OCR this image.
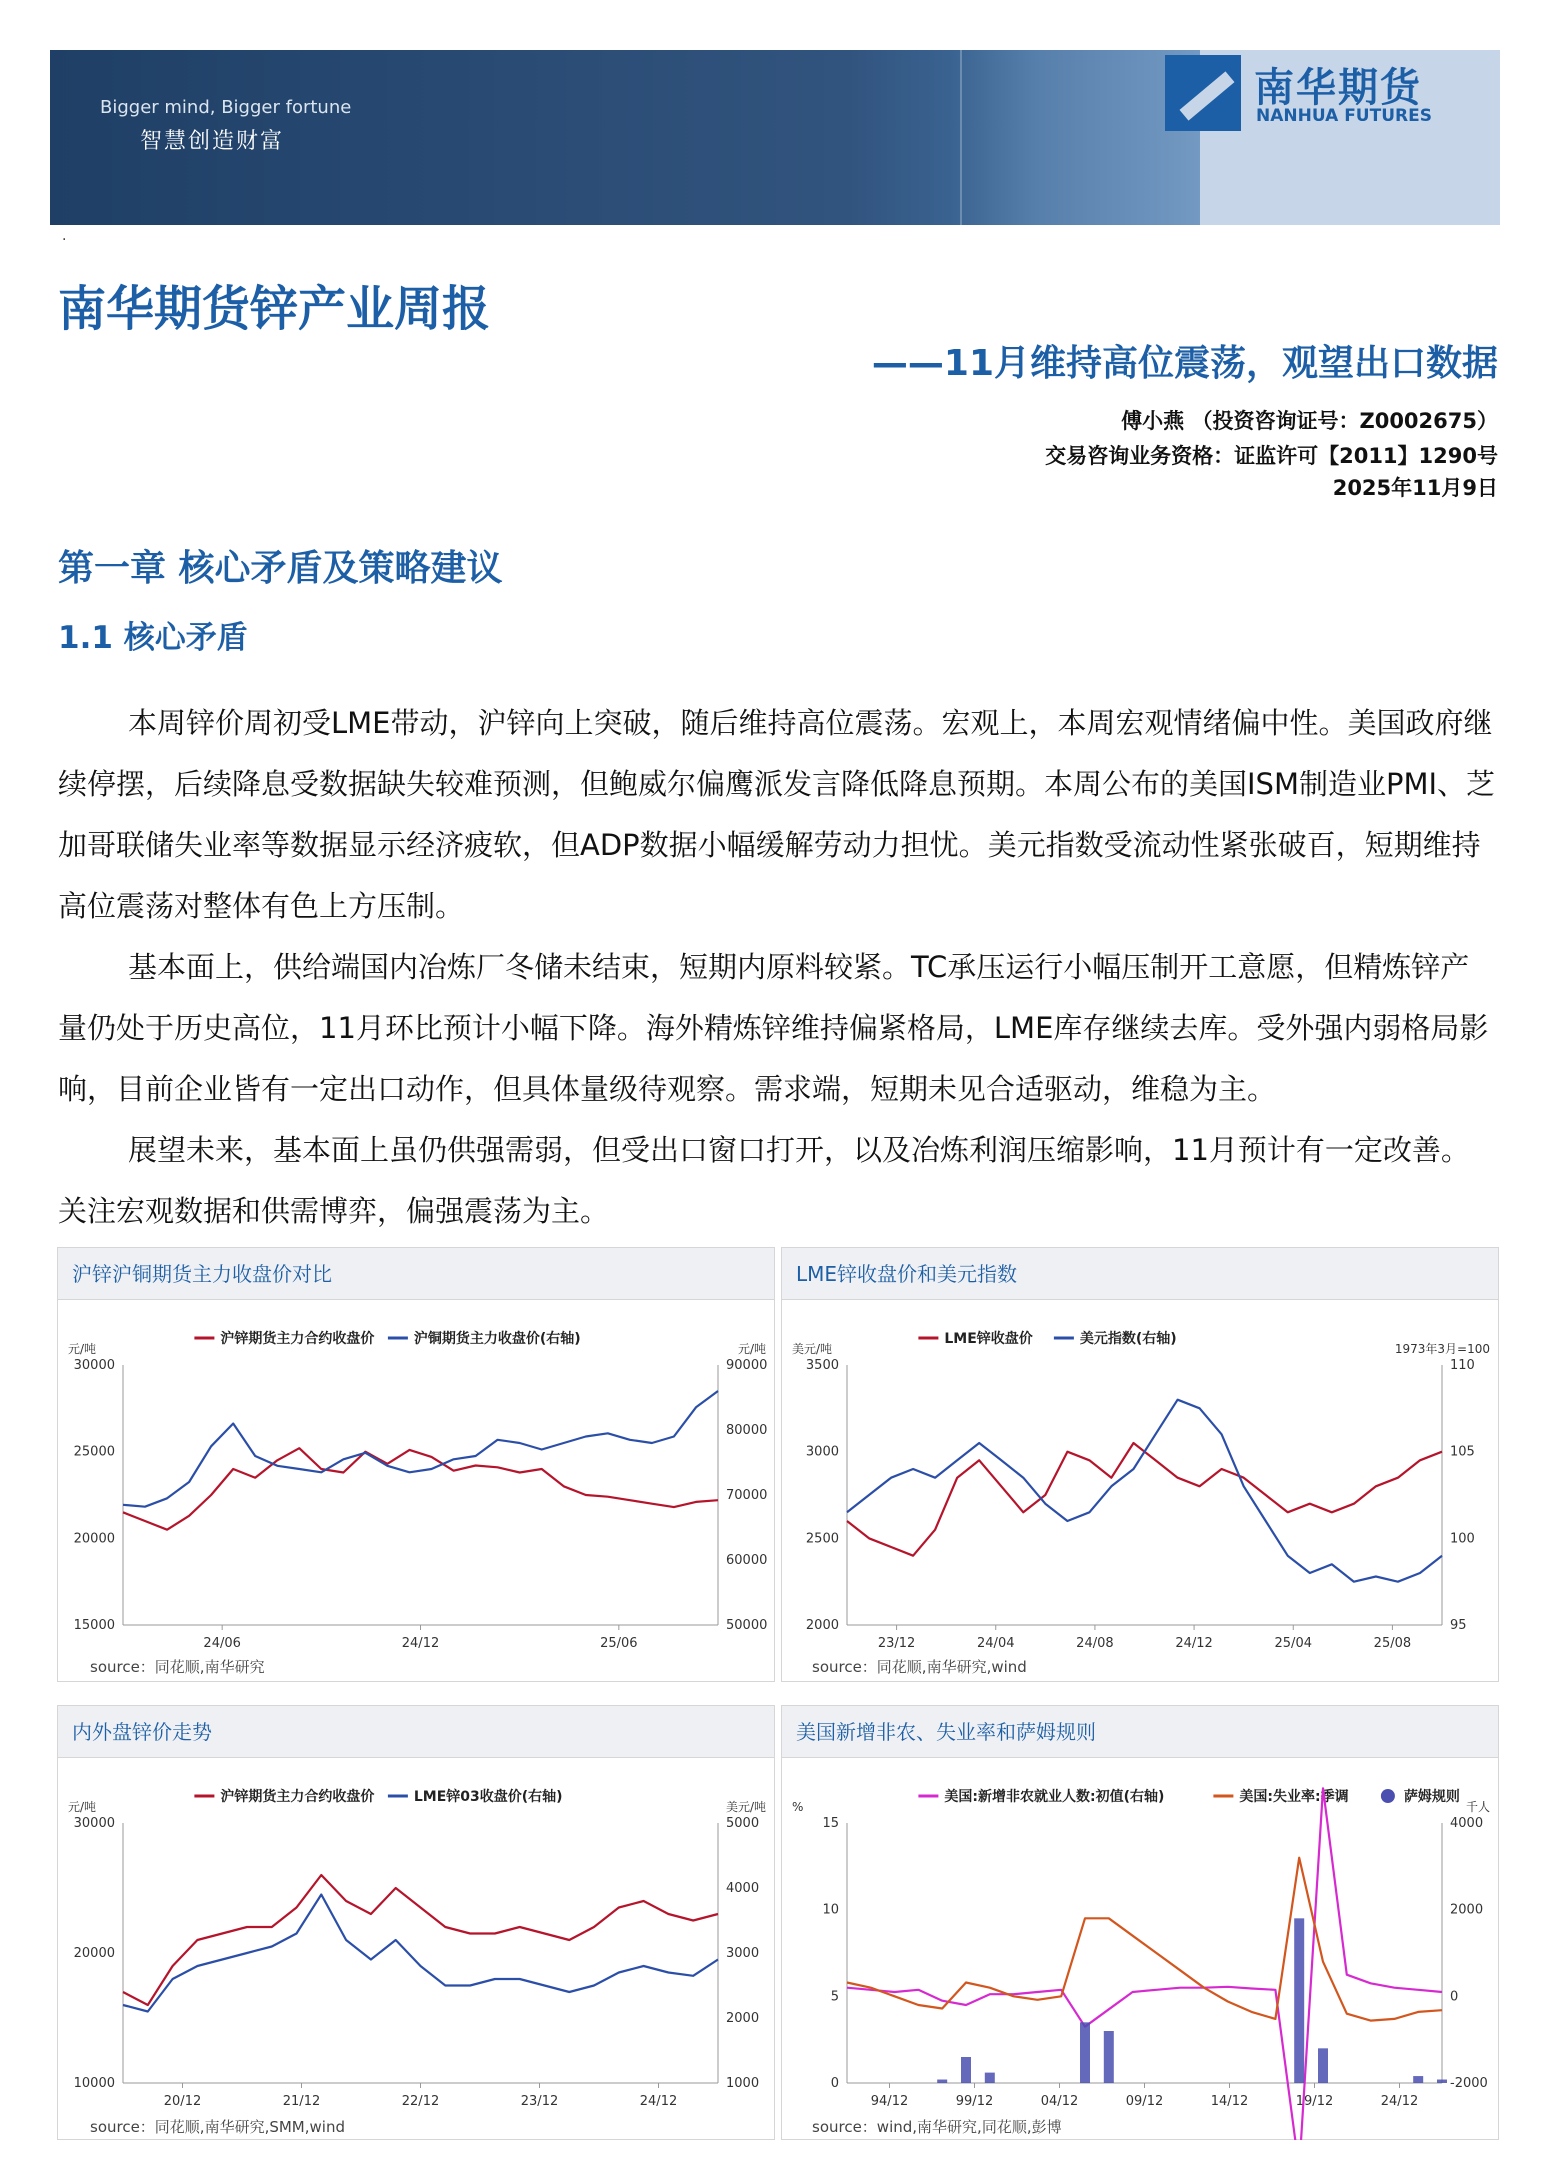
Bigger mind, Bigger fortune
智慧创造财富
南华期货
NANHUA FUTURES
.
南华期货锌产业周报
——11月维持高位震荡，观望出口数据
傅小燕 （投资咨询证号：Z0002675）
交易咨询业务资格：证监许可【2011】1290号
2025年11月9日
第一章 核心矛盾及策略建议
1.1 核心矛盾

本周锌价周初受LME带动，沪锌向上突破，随后维持高位震荡。宏观上，本周宏观情绪偏中性。美国政府继续停摆，后续降息受数据缺失较难预测，但鲍威尔偏鹰派发言降低降息预期。本周公布的美国ISM制造业PMI、芝加哥联储失业率等数据显示经济疲软，但ADP数据小幅缓解劳动力担忧。美元指数受流动性紧张破百，短期维持高位震荡对整体有色上方压制。

基本面上，供给端国内冶炼厂冬储未结束，短期内原料较紧。TC承压运行小幅压制开工意愿，但精炼锌产量仍处于历史高位，11月环比预计小幅下降。海外精炼锌维持偏紧格局，LME库存继续去库。受外强内弱格局影响，目前企业皆有一定出口动作，但具体量级待观察。需求端，短期未见合适驱动，维稳为主。

展望未来，基本面上虽仍供强需弱，但受出口窗口打开，以及冶炼利润压缩影响，11月预计有一定改善。关注宏观数据和供需博弈，偏强震荡为主。

沪锌沪铜期货主力收盘价对比
元/吨	元/吨
30000
25000
20000
15000
90000
80000
70000
60000
50000
24/06	24/12	25/06
沪锌期货主力合约收盘价	沪铜期货主力收盘价(右轴)
source：同花顺,南华研究
LME锌收盘价和美元指数
美元/吨	1973年3月=100
3500
3000
2500
2000
110
105
100
95
23/12	24/04	24/08	24/12	25/04	25/08
LME锌收盘价	美元指数(右轴)
source：同花顺,南华研究,wind
内外盘锌价走势
元/吨	美元/吨
30000
20000
10000
5000
4000
3000
2000
1000
20/12	21/12	22/12	23/12	24/12
沪锌期货主力合约收盘价	LME锌03收盘价(右轴)
source：同花顺,南华研究,SMM,wind
美国新增非农、失业率和萨姆规则
%	千人
15
10
5
0
4000
2000
0
-2000
94/12	99/12	04/12	09/12	14/12	19/12	24/12
美国:新增非农就业人数:初值(右轴)	美国:失业率:季调	萨姆规则
source：wind,南华研究,同花顺,彭博
